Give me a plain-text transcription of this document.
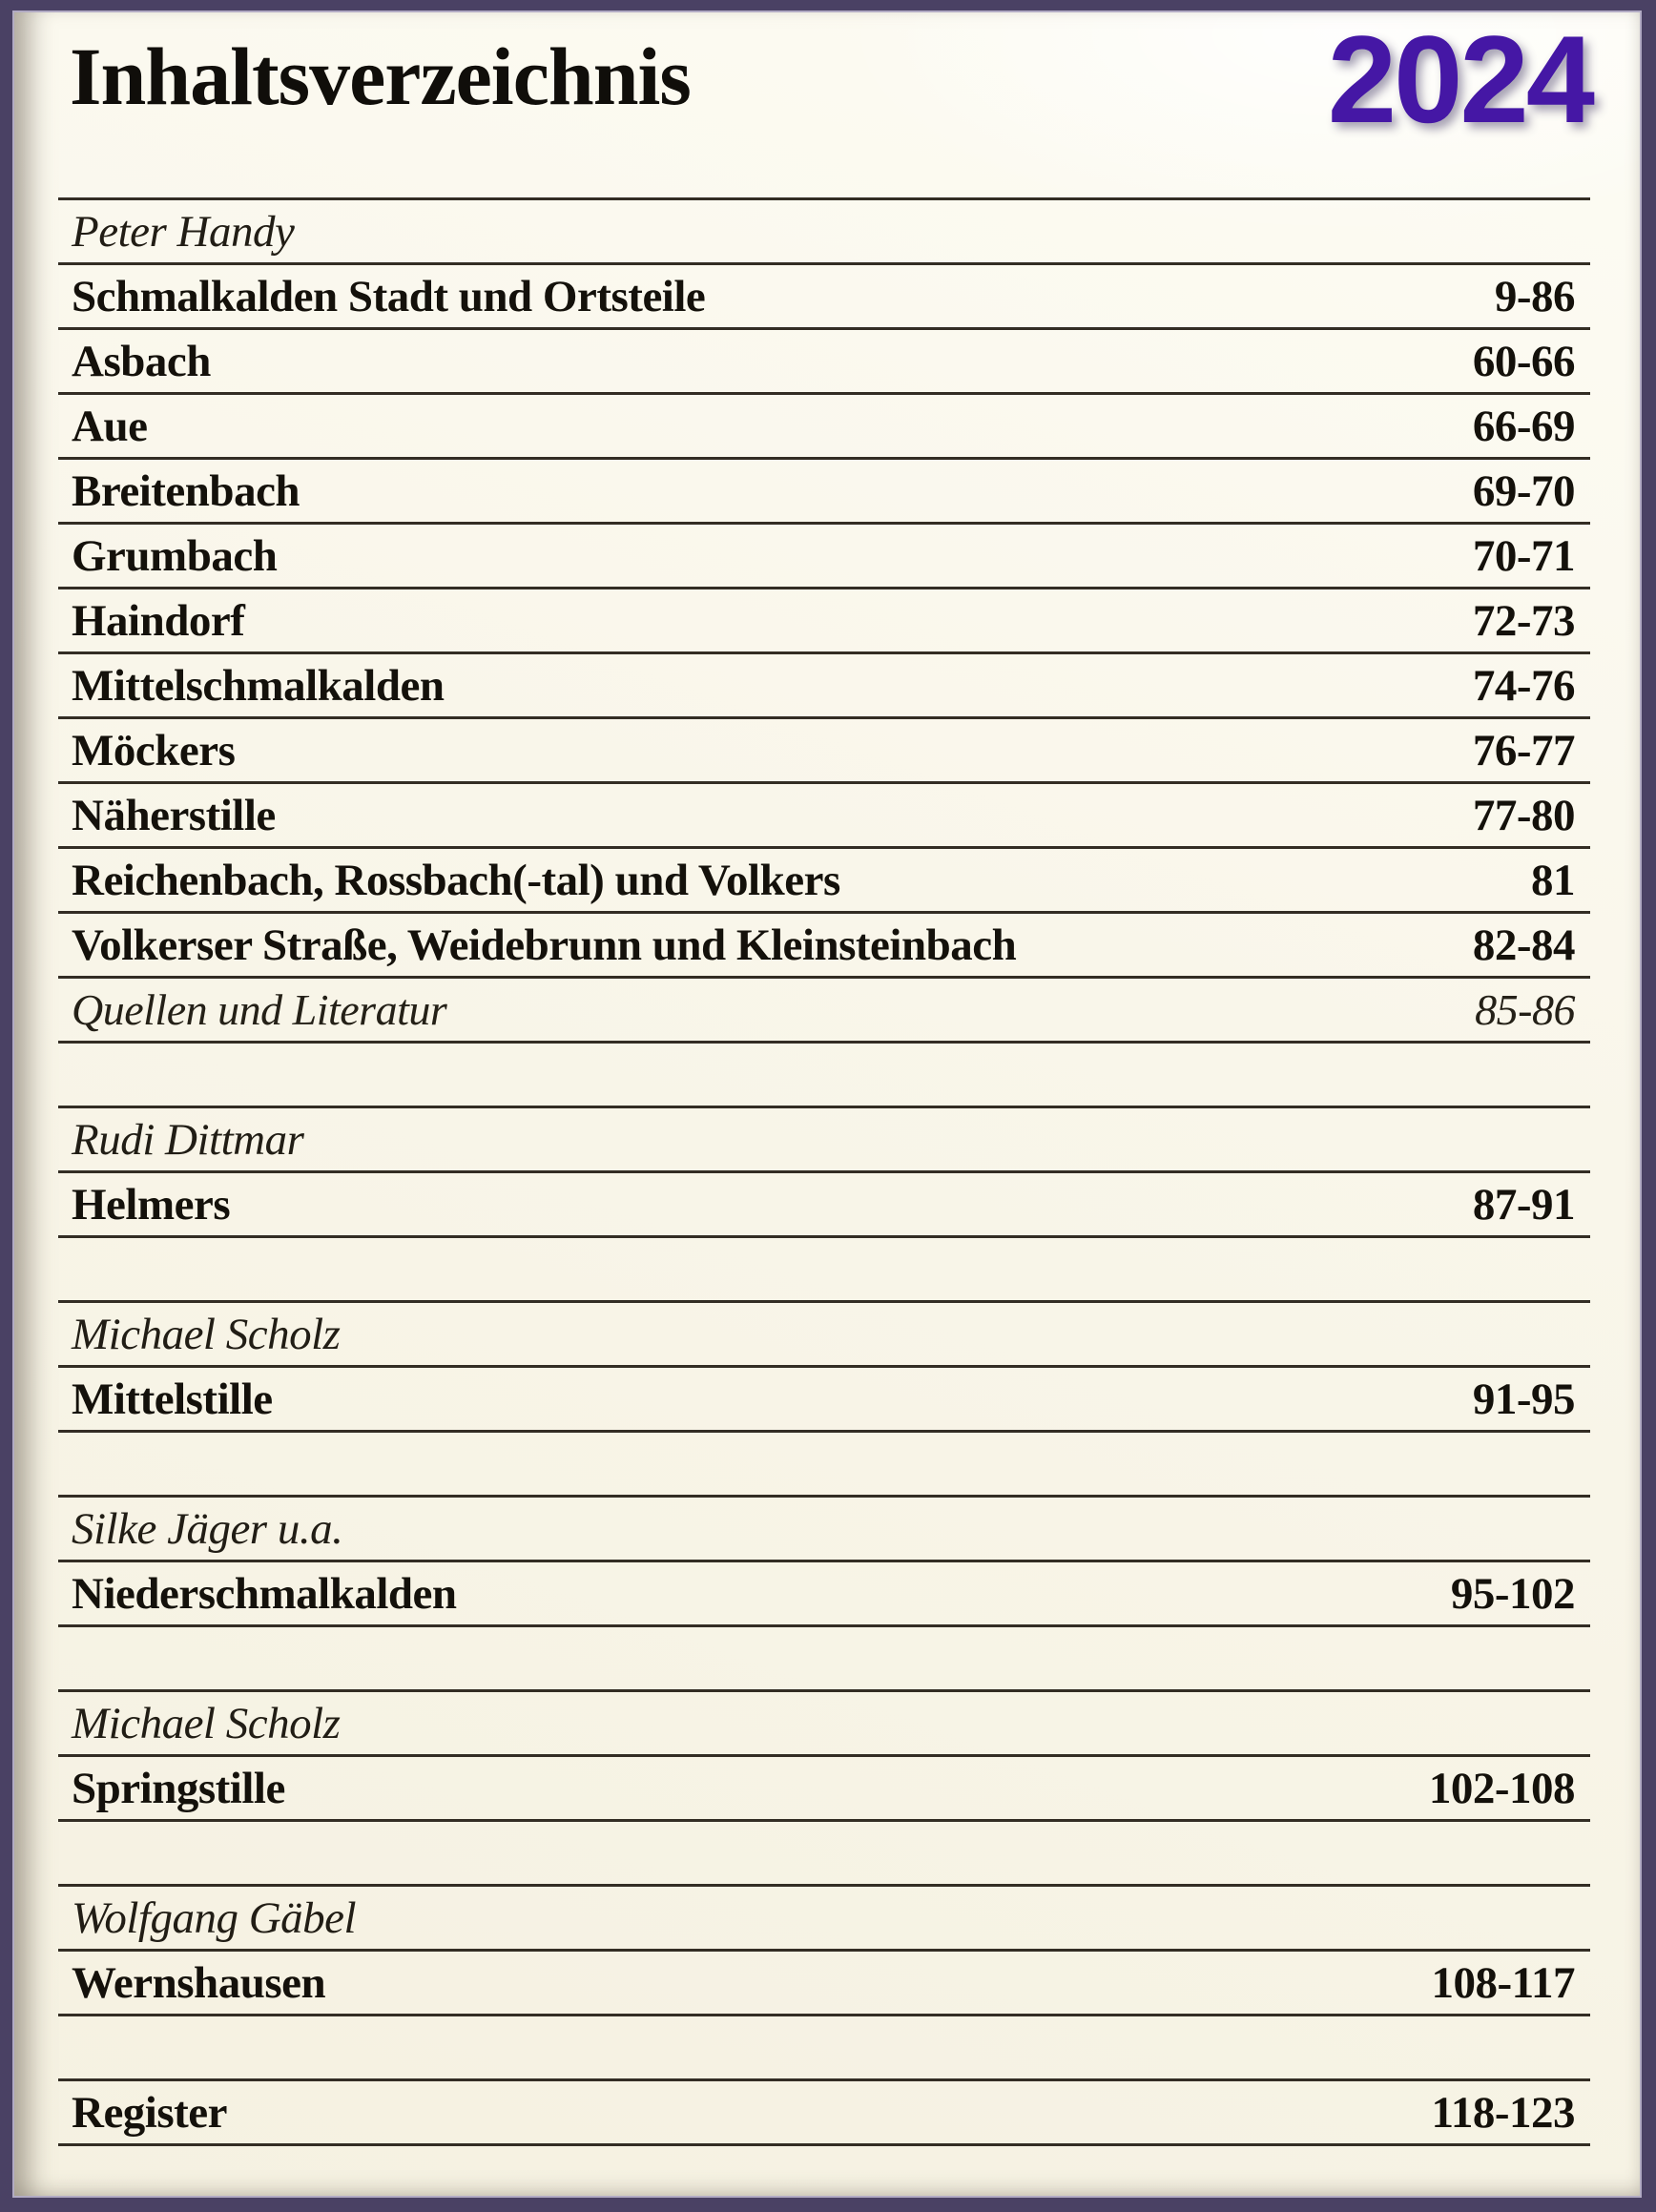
2024
Inhaltsverzeichnis
Peter Handy
Schmalkalden Stadt und Ortsteile	9-86
Asbach	60-66
Aue	66-69
Breitenbach	69-70
Grumbach	70-71
Haindorf	72-73
Mittelschmalkalden	74-76
Möckers	76-77
Näherstille	77-80
Reichenbach, Rossbach(-tal) und Volkers	81
Volkerser Straße, Weidebrunn und Kleinsteinbach	82-84
Quellen und Literatur	85-86
Rudi Dittmar
Helmers	87-91
Michael Scholz
Mittelstille	91-95
Silke Jäger u.a.
Niederschmalkalden	95-102
Michael Scholz
Springstille	102-108
Wolfgang Gäbel
Wernshausen	108-117
Register	118-123
